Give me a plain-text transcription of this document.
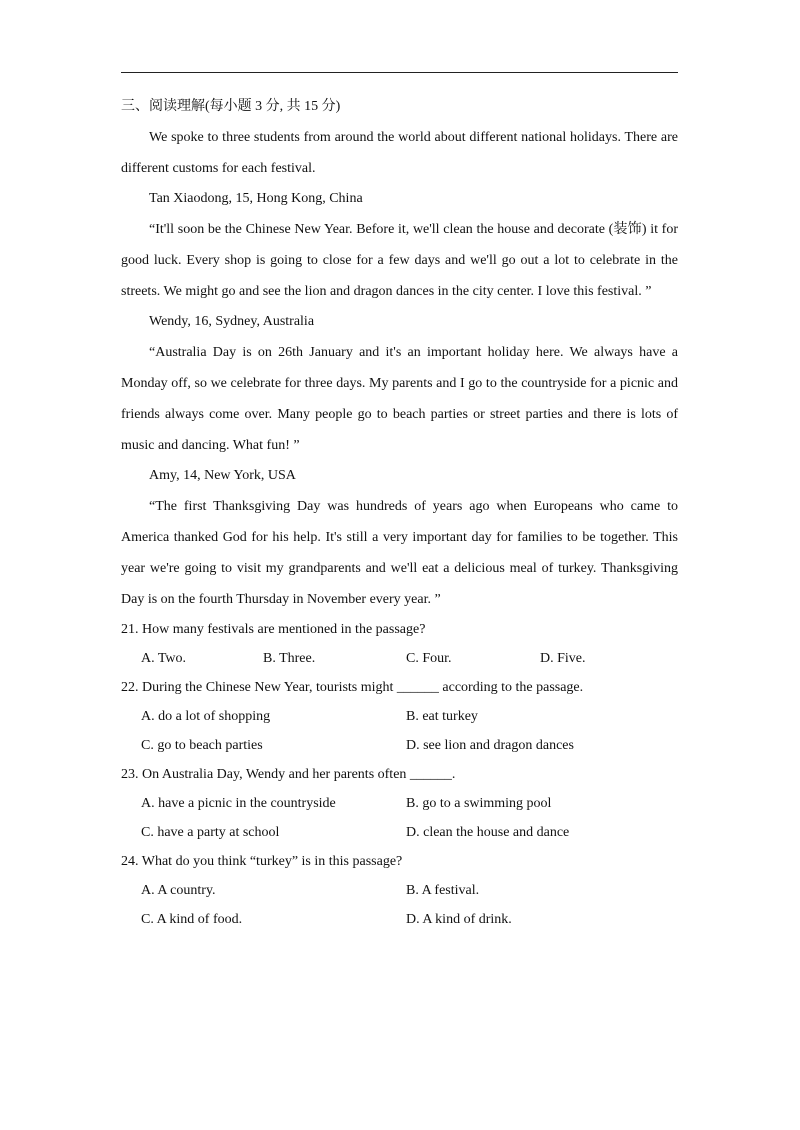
三、阅读理解(每小题 3 分, 共 15 分)

We spoke to three students from around the world about different national holidays. There are different customs for each festival.

Tan Xiaodong, 15, Hong Kong, China

“It'll soon be the Chinese New Year. Before it, we'll clean the house and decorate (装饰) it for good luck. Every shop is going to close for a few days and we'll go out a lot to celebrate in the streets. We might go and see the lion and dragon dances in the city center. I love this festival. ”

Wendy, 16, Sydney, Australia

“Australia Day is on 26th January and it's an important holiday here. We always have a Monday off, so we celebrate for three days. My parents and I go to the countryside for a picnic and friends always come over. Many people go to beach parties or street parties and there is lots of music and dancing. What fun! ”

Amy, 14, New York, USA

“The first Thanksgiving Day was hundreds of years ago when Europeans who came to America thanked God for his help. It's still a very important day for families to be together. This year we're going to visit my grandparents and we'll eat a delicious meal of turkey. Thanksgiving Day is on the fourth Thursday in November every year. ”

21. How many festivals are mentioned in the passage?
A. Two.	B. Three.	C. Four.	D. Five.
22. During the Chinese New Year, tourists might ______ according to the passage.
A. do a lot of shopping	B. eat turkey
C. go to beach parties	D. see lion and dragon dances
23. On Australia Day, Wendy and her parents often ______.
A. have a picnic in the countryside	B. go to a swimming pool
C. have a party at school	D. clean the house and dance
24. What do you think “turkey” is in this passage?
A. A country.	B. A festival.
C. A kind of food.	D. A kind of drink.
